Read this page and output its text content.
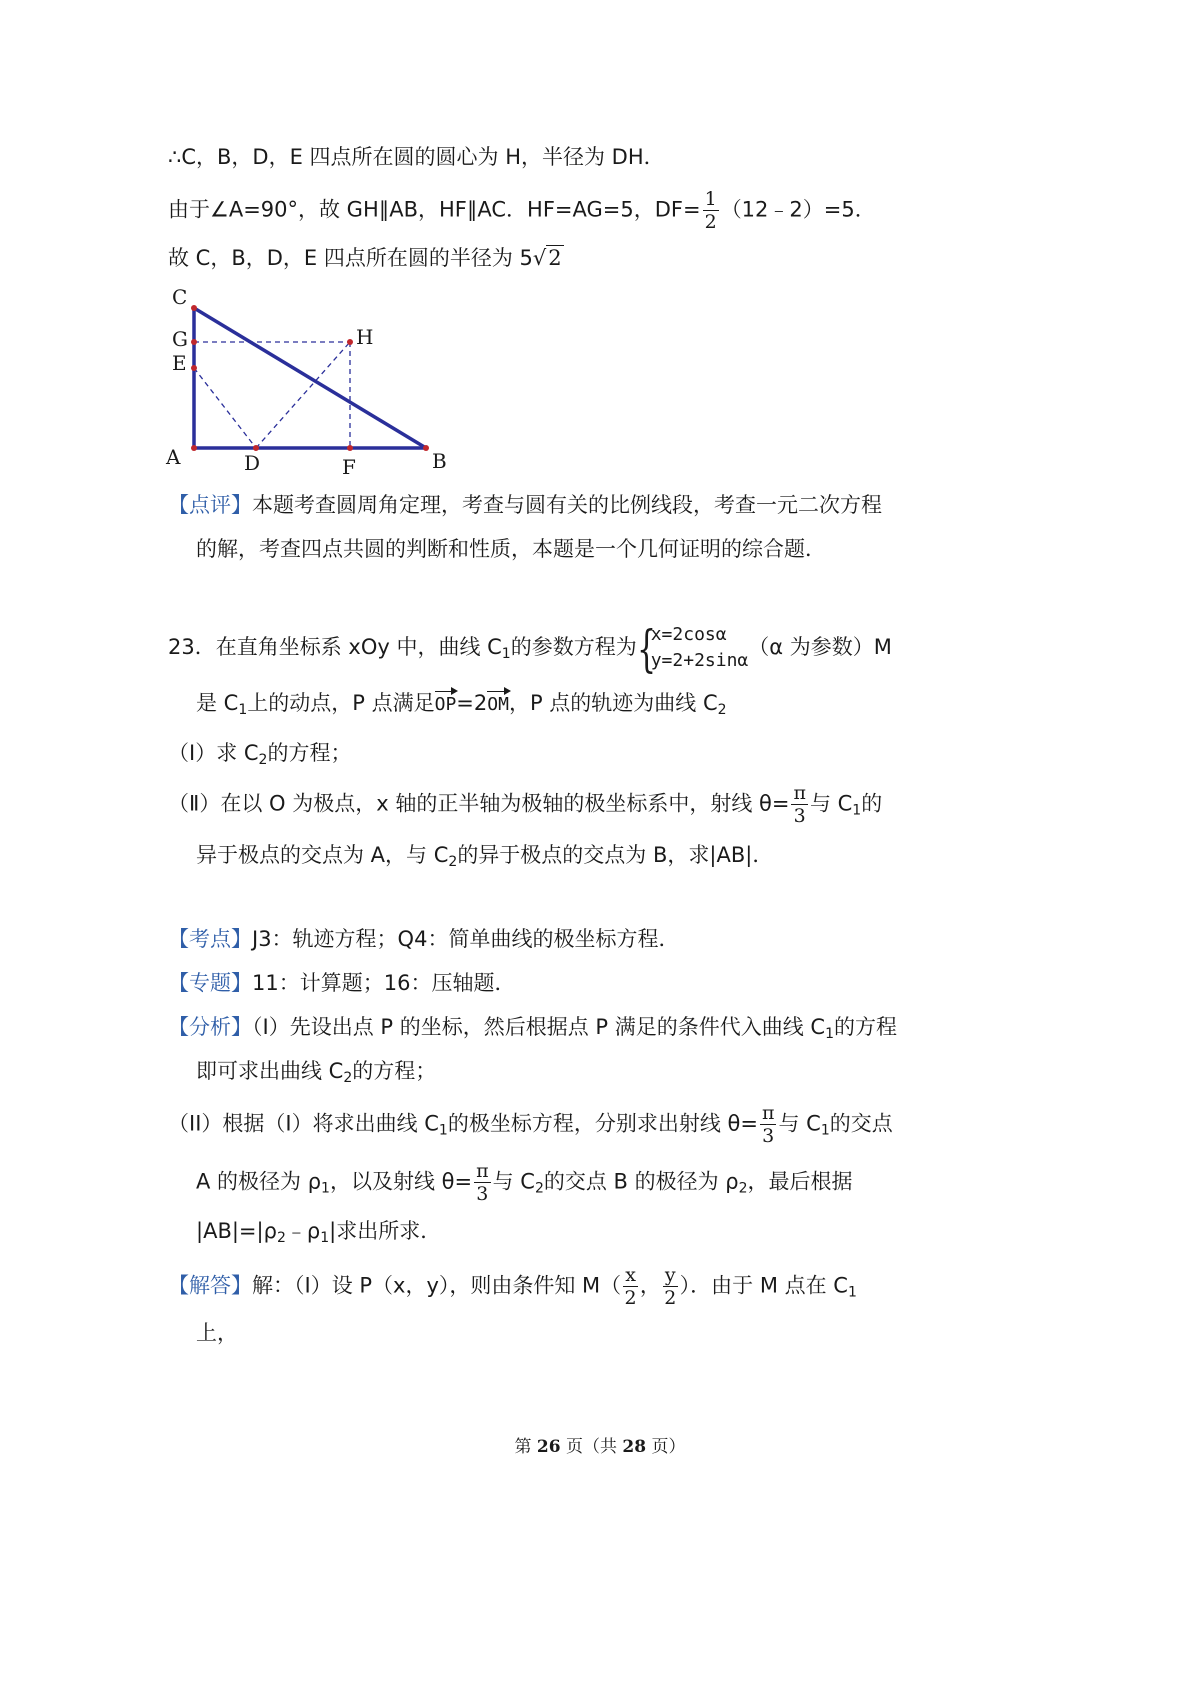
∴C，B，D，E 四点所在圆的圆心为 H，半径为 DH．
由于∠A=90°，故 GH∥AB，HF∥AC．HF=AG=5，$DF= \frac{1}{2}$ （12﹣2）=5．
故 C，B，D，E 四点所在圆的半径为 5√2
C
G
E
A	D	F	B
H
【点评】本题考查圆周角定理，考查与圆有关的比例线段，考查一元二次方程
的解，考查四点共圆的判断和性质，本题是一个几何证明的综合题．
23．在直角坐标系 xOy 中，曲线 $C_1$的参数方程为 {
x=2cosα
y=2+2sinα
（α 为参数）M
是 $C_1$上的动点，P 点满足OP=2OM，P 点的轨迹为曲线 $C_2$
（Ⅰ）求 $C_2$的方程；
（Ⅱ）在以 O 为极点，x 轴的正半轴为极轴的极坐标系中，射线 $\theta= \frac{\pi}{3}$ 与 $C_1$的
异于极点的交点为 A，与 $C_2$的异于极点的交点为 B，求|AB|．
【考点】J3：轨迹方程；Q4：简单曲线的极坐标方程．
【专题】11：计算题；16：压轴题．
【分析】（I）先设出点 P 的坐标，然后根据点 P 满足的条件代入曲线 $C_1$的方程
即可求出曲线 $C_2$的方程；
（II）根据（I）将求出曲线 $C_1$的极坐标方程，分别求出射线 $\theta= \frac{\pi}{3}$ 与 $C_1$的交点
A 的极径为 $\rho_1$，以及射线 $\theta= \frac{\pi}{3}$ 与 $C_2$的交点 B 的极径为 $\rho_2$，最后根据
$|AB|=|\rho_2﹣\rho_1|$求出所求．
【解答】解：（I）设 P（x，y），则由条件知 $M( \frac{x}{2}$ ， $\frac{y}{2}$ ）．由于 M 点在 $C_1$
上，
第 26 页（共 28 页）
